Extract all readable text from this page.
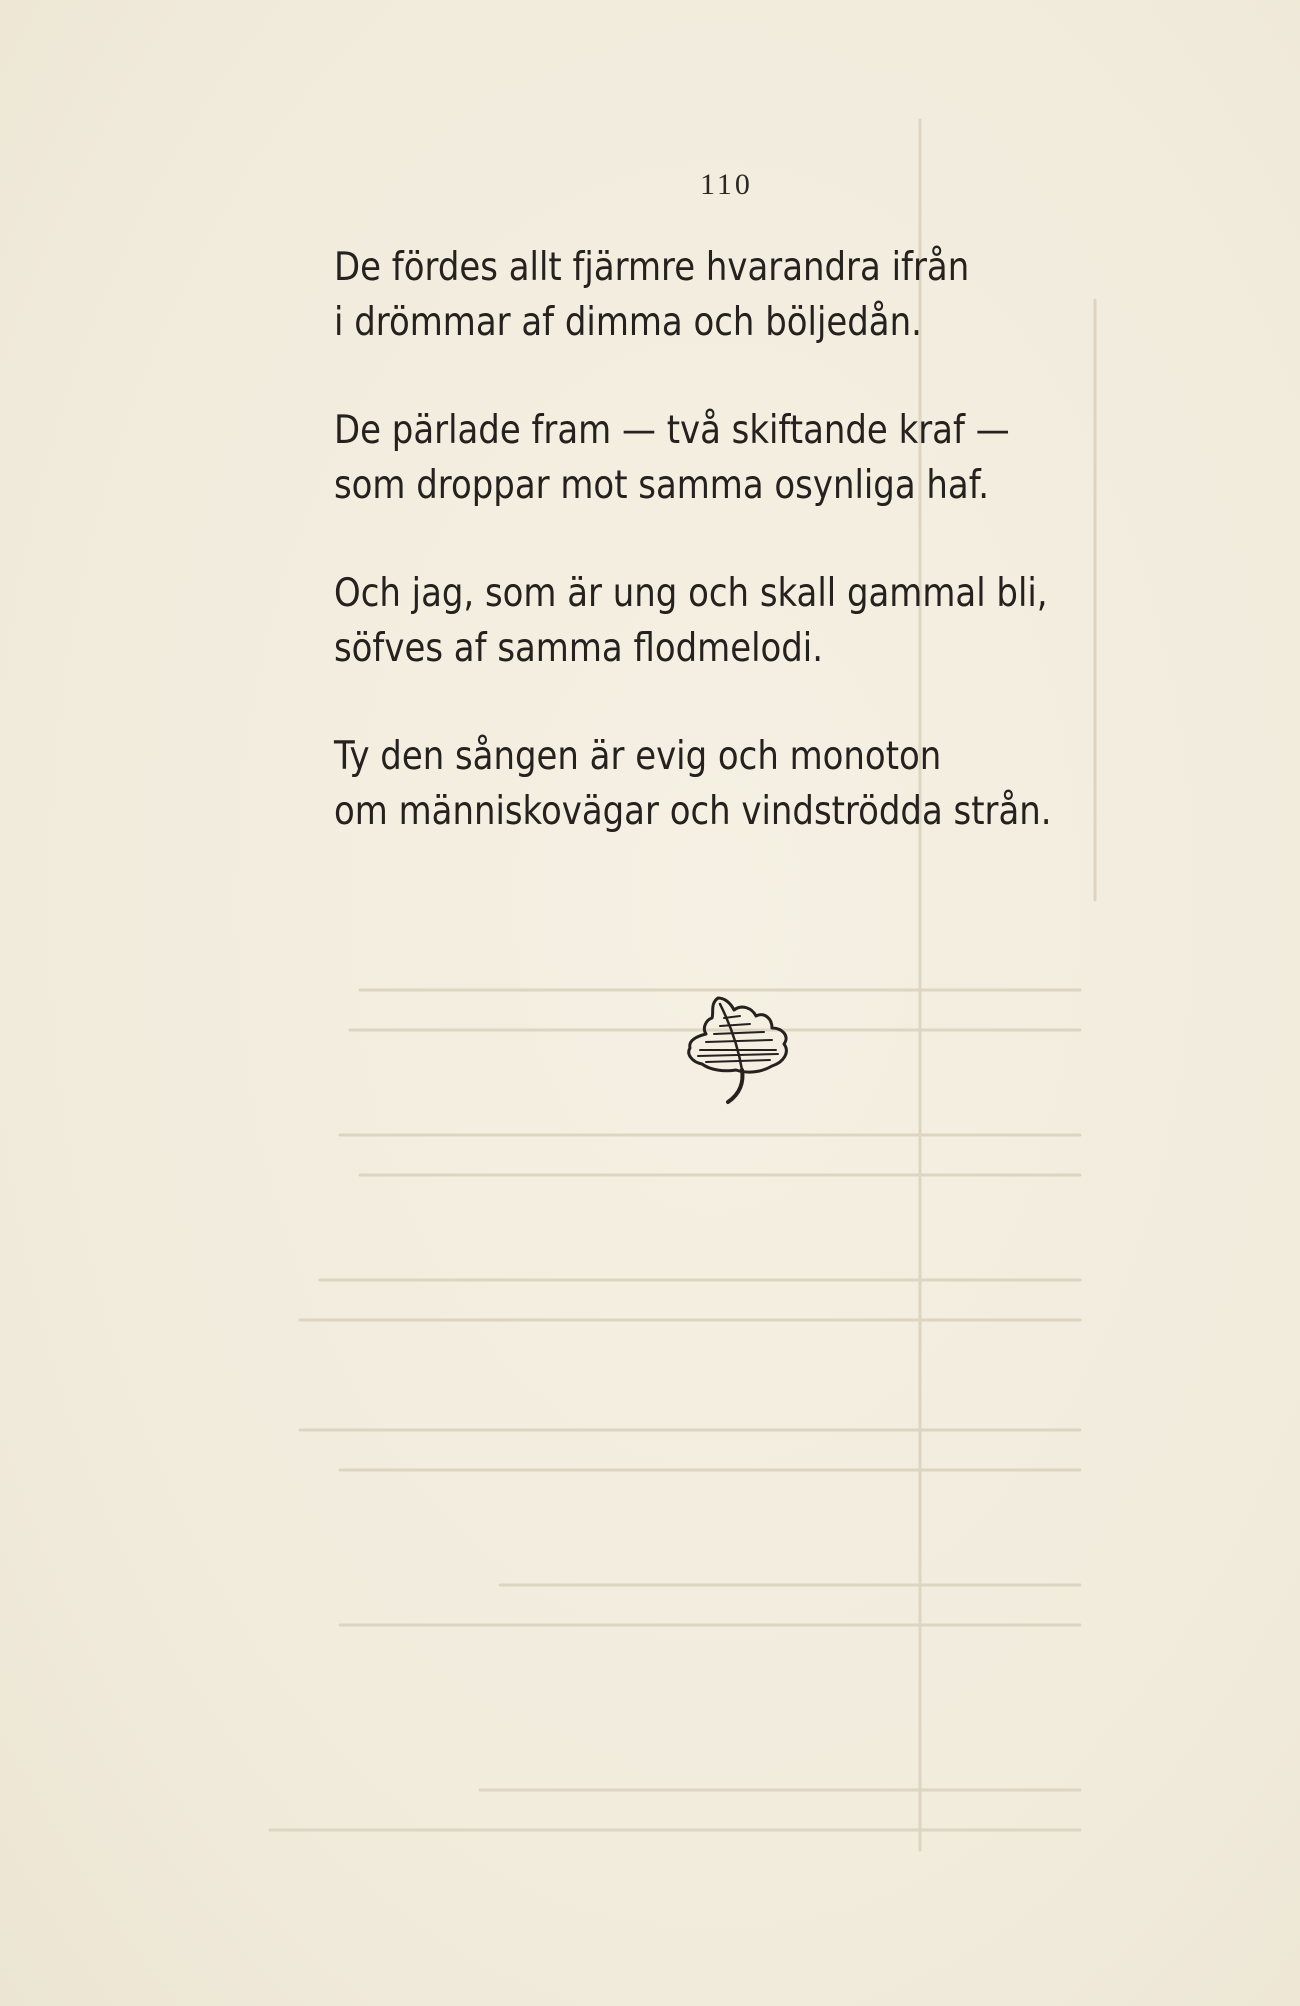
110
De fördes allt fjärmre hvarandra ifrån
i drömmar af dimma och böljedån.
De pärlade fram — två skiftande kraf —
som droppar mot samma osynliga haf.
Och jag, som är ung och skall gammal bli,
söfves af samma flodmelodi.
Ty den sången är evig och monoton
om människovägar och vindströdda strån.
